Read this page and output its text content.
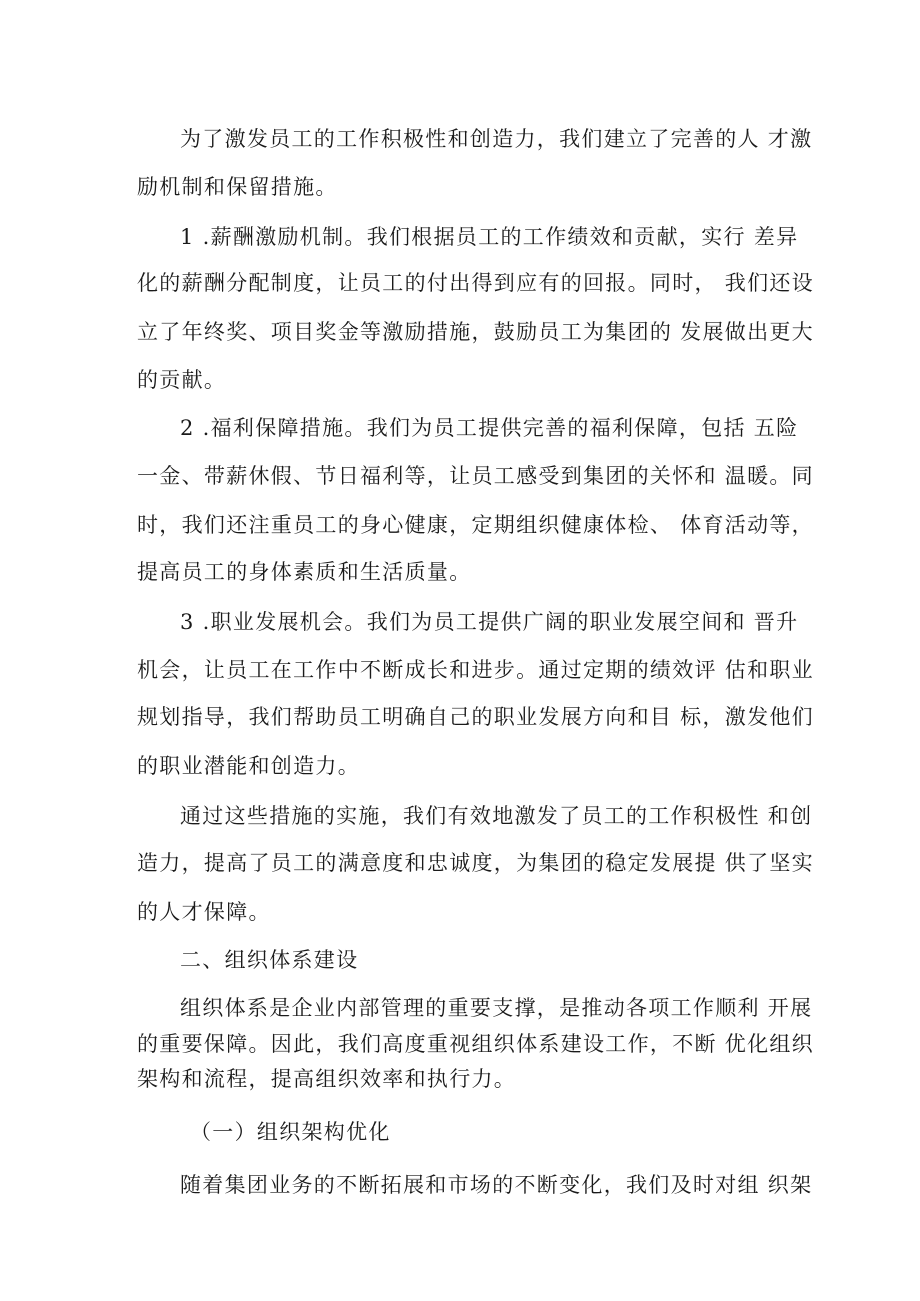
为了激发员工的工作积极性和创造力，我们建立了完善的人 才激
励机制和保留措施。
1 .薪酬激励机制。我们根据员工的工作绩效和贡献，实行 差异
化的薪酬分配制度，让员工的付出得到应有的回报。同时， 我们还设
立了年终奖、项目奖金等激励措施，鼓励员工为集团的 发展做出更大
的贡献。
2 .福利保障措施。我们为员工提供完善的福利保障，包括 五险
一金、带薪休假、节日福利等，让员工感受到集团的关怀和 温暖。同
时，我们还注重员工的身心健康，定期组织健康体检、 体育活动等，
提高员工的身体素质和生活质量。
3 .职业发展机会。我们为员工提供广阔的职业发展空间和 晋升
机会，让员工在工作中不断成长和进步。通过定期的绩效评 估和职业
规划指导，我们帮助员工明确自己的职业发展方向和目 标，激发他们
的职业潜能和创造力。
通过这些措施的实施，我们有效地激发了员工的工作积极性 和创
造力，提高了员工的满意度和忠诚度，为集团的稳定发展提 供了坚实
的人才保障。
二、组织体系建设
组织体系是企业内部管理的重要支撑，是推动各项工作顺利 开展
的重要保障。因此，我们高度重视组织体系建设工作，不断 优化组织
架构和流程，提高组织效率和执行力。
（一）组织架构优化
随着集团业务的不断拓展和市场的不断变化，我们及时对组 织架
